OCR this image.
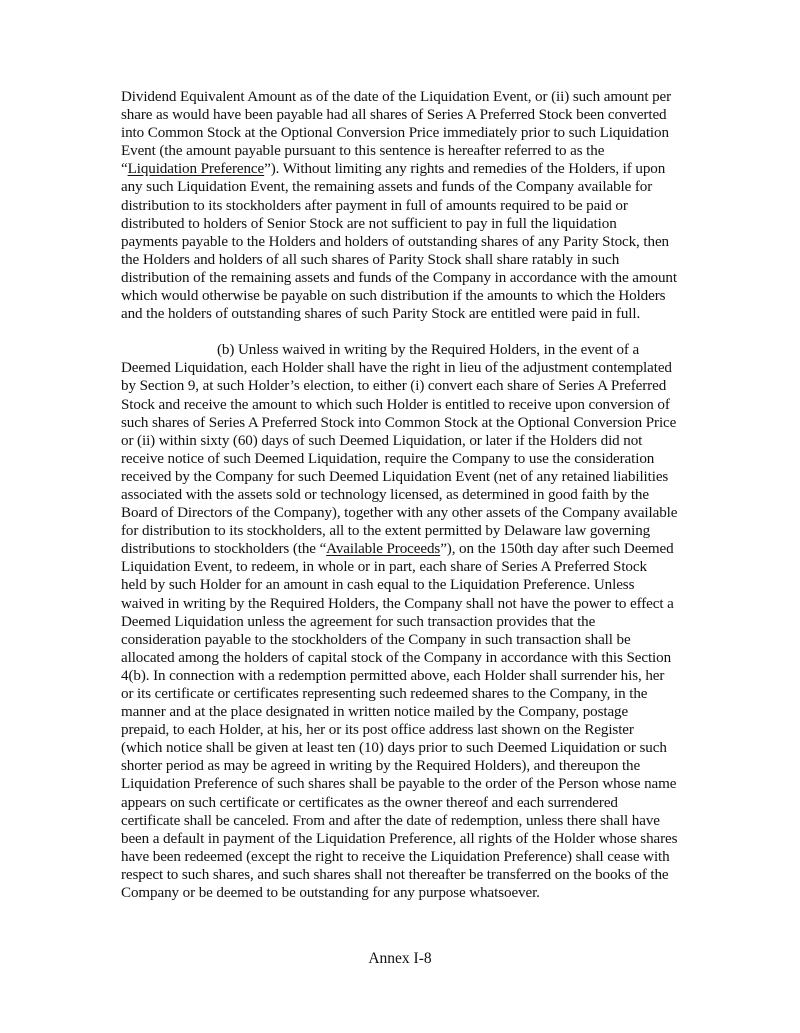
Dividend Equivalent Amount as of the date of the Liquidation Event, or (ii) such amount per
share as would have been payable had all shares of Series A Preferred Stock been converted
into Common Stock at the Optional Conversion Price immediately prior to such Liquidation
Event (the amount payable pursuant to this sentence is hereafter referred to as the
“Liquidation Preference”). Without limiting any rights and remedies of the Holders, if upon
any such Liquidation Event, the remaining assets and funds of the Company available for
distribution to its stockholders after payment in full of amounts required to be paid or
distributed to holders of Senior Stock are not sufficient to pay in full the liquidation
payments payable to the Holders and holders of outstanding shares of any Parity Stock, then
the Holders and holders of all such shares of Parity Stock shall share ratably in such
distribution of the remaining assets and funds of the Company in accordance with the amount
which would otherwise be payable on such distribution if the amounts to which the Holders
and the holders of outstanding shares of such Parity Stock are entitled were paid in full.

(b) Unless waived in writing by the Required Holders, in the event of a
Deemed Liquidation, each Holder shall have the right in lieu of the adjustment contemplated
by Section 9, at such Holder’s election, to either (i) convert each share of Series A Preferred
Stock and receive the amount to which such Holder is entitled to receive upon conversion of
such shares of Series A Preferred Stock into Common Stock at the Optional Conversion Price
or (ii) within sixty (60) days of such Deemed Liquidation, or later if the Holders did not
receive notice of such Deemed Liquidation, require the Company to use the consideration
received by the Company for such Deemed Liquidation Event (net of any retained liabilities
associated with the assets sold or technology licensed, as determined in good faith by the
Board of Directors of the Company), together with any other assets of the Company available
for distribution to its stockholders, all to the extent permitted by Delaware law governing
distributions to stockholders (the “Available Proceeds”), on the 150th day after such Deemed
Liquidation Event, to redeem, in whole or in part, each share of Series A Preferred Stock
held by such Holder for an amount in cash equal to the Liquidation Preference. Unless
waived in writing by the Required Holders, the Company shall not have the power to effect a
Deemed Liquidation unless the agreement for such transaction provides that the
consideration payable to the stockholders of the Company in such transaction shall be
allocated among the holders of capital stock of the Company in accordance with this Section
4(b). In connection with a redemption permitted above, each Holder shall surrender his, her
or its certificate or certificates representing such redeemed shares to the Company, in the
manner and at the place designated in written notice mailed by the Company, postage
prepaid, to each Holder, at his, her or its post office address last shown on the Register
(which notice shall be given at least ten (10) days prior to such Deemed Liquidation or such
shorter period as may be agreed in writing by the Required Holders), and thereupon the
Liquidation Preference of such shares shall be payable to the order of the Person whose name
appears on such certificate or certificates as the owner thereof and each surrendered
certificate shall be canceled. From and after the date of redemption, unless there shall have
been a default in payment of the Liquidation Preference, all rights of the Holder whose shares
have been redeemed (except the right to receive the Liquidation Preference) shall cease with
respect to such shares, and such shares shall not thereafter be transferred on the books of the
Company or be deemed to be outstanding for any purpose whatsoever.

Annex I-8
